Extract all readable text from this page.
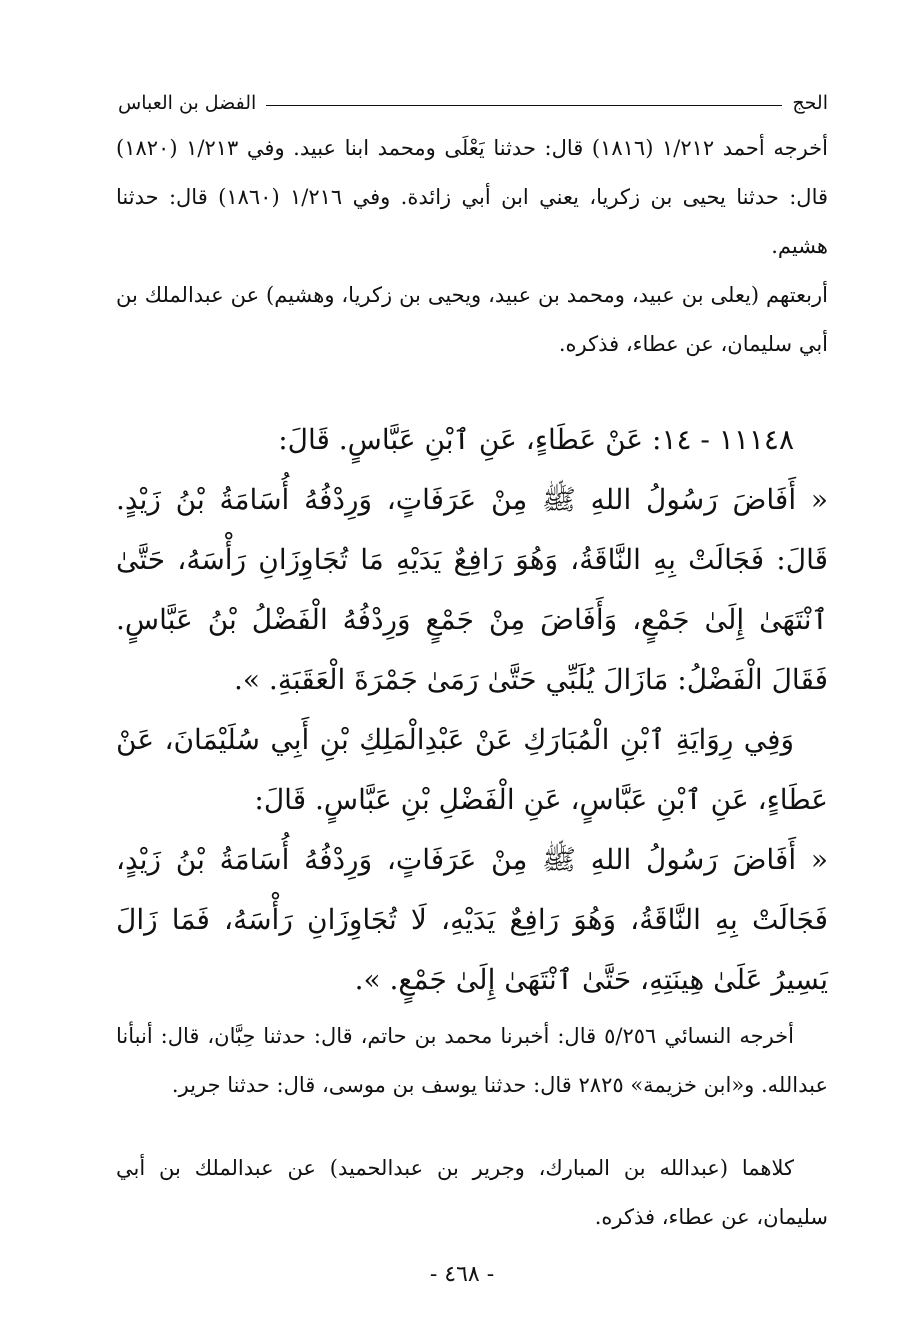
الحج
الفضل بن العباس

أخرجه أحمد ١/٢١٢ (١٨١٦) قال: حدثنا يَعْلَى ومحمد ابنا عبيد. وفي ١/٢١٣ (١٨٢٠) قال: حدثنا يحيى بن زكريا، يعني ابن أبي زائدة. وفي ١/٢١٦ (١٨٦٠) قال: حدثنا هشيم.

أربعتهم (يعلى بن عبيد، ومحمد بن عبيد، ويحيى بن زكريا، وهشيم) عن عبدالملك بن أبي سليمان، عن عطاء، فذكره.

١١١٤٨ - ١٤: عَنْ عَطَاءٍ، عَنِ ٱبْنِ عَبَّاسٍ. قَالَ:

« أَفَاضَ رَسُولُ اللهِ ﷺ مِنْ عَرَفَاتٍ، وَرِدْفُهُ أُسَامَةُ بْنُ زَيْدٍ. قَالَ: فَجَالَتْ بِهِ النَّاقَةُ، وَهُوَ رَافِعٌ يَدَيْهِ مَا تُجَاوِزَانِ رَأْسَهُ، حَتَّىٰ ٱنْتَهَىٰ إِلَىٰ جَمْعٍ، وَأَفَاضَ مِنْ جَمْعٍ وَرِدْفُهُ الْفَضْلُ بْنُ عَبَّاسٍ. فَقَالَ الْفَضْلُ: مَازَالَ يُلَبِّي حَتَّىٰ رَمَىٰ جَمْرَةَ الْعَقَبَةِ. ».

وَفِي رِوَايَةِ ٱبْنِ الْمُبَارَكِ عَنْ عَبْدِالْمَلِكِ بْنِ أَبِي سُلَيْمَانَ، عَنْ عَطَاءٍ، عَنِ ٱبْنِ عَبَّاسٍ، عَنِ الْفَضْلِ بْنِ عَبَّاسٍ. قَالَ:

« أَفَاضَ رَسُولُ اللهِ ﷺ مِنْ عَرَفَاتٍ، وَرِدْفُهُ أُسَامَةُ بْنُ زَيْدٍ، فَجَالَتْ بِهِ النَّاقَةُ، وَهُوَ رَافِعٌ يَدَيْهِ، لَا تُجَاوِزَانِ رَأْسَهُ، فَمَا زَالَ يَسِيرُ عَلَىٰ هِينَتِهِ، حَتَّىٰ ٱنْتَهَىٰ إِلَىٰ جَمْعٍ. ».

أخرجه النسائي ٥/٢٥٦ قال: أخبرنا محمد بن حاتم، قال: حدثنا حِبَّان، قال: أنبأنا عبدالله. و«ابن خزيمة» ٢٨٢٥ قال: حدثنا يوسف بن موسى، قال: حدثنا جرير.

كلاهما (عبدالله بن المبارك، وجرير بن عبدالحميد) عن عبدالملك بن أبي سليمان، عن عطاء، فذكره.

- ٤٦٨ -
